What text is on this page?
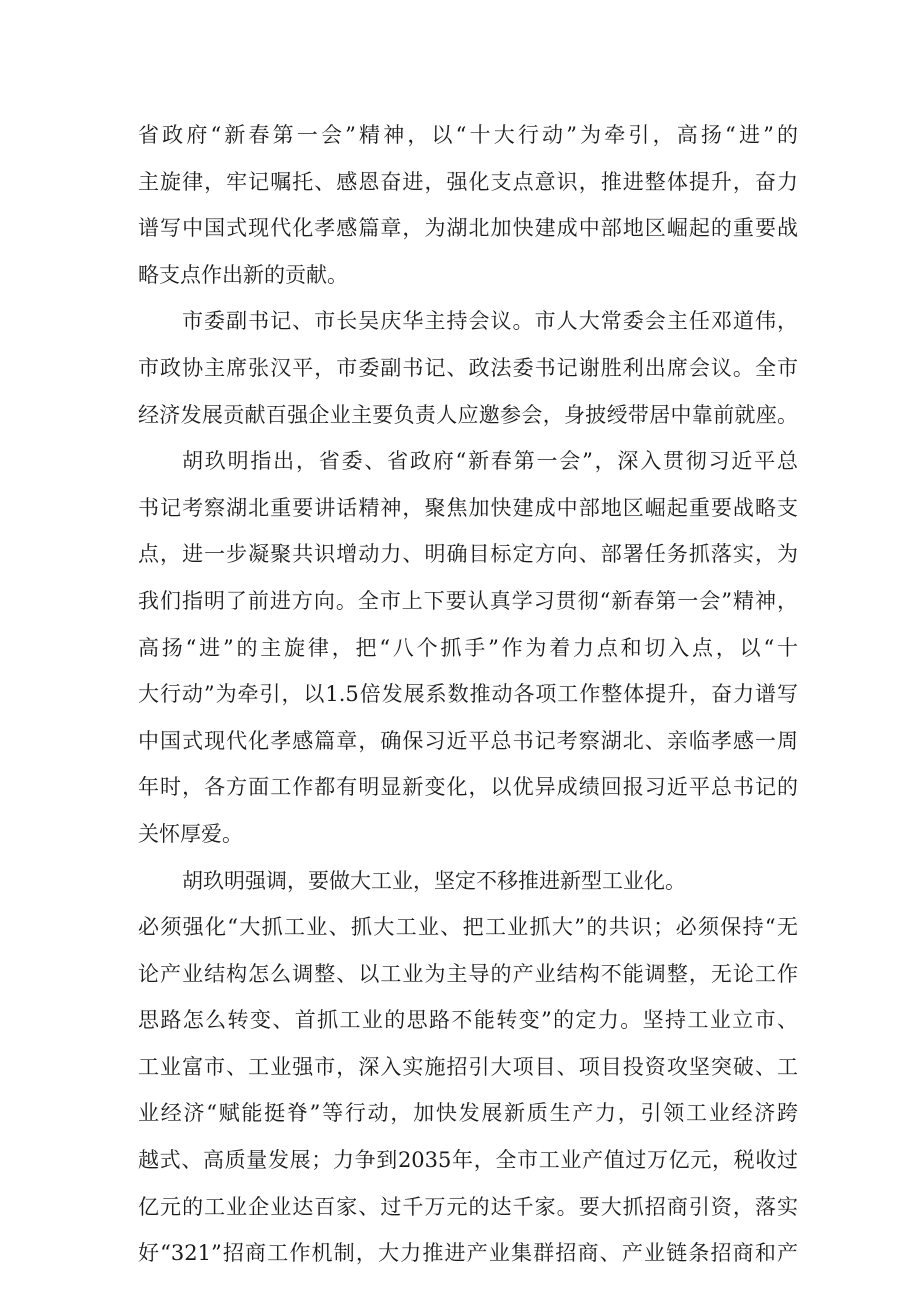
省政府“新春第一会”精神，以“十大行动”为牵引，高扬“进”的
主旋律，牢记嘱托、感恩奋进，强化支点意识，推进整体提升，奋力
谱写中国式现代化孝感篇章，为湖北加快建成中部地区崛起的重要战
略支点作出新的贡献。
市委副书记、市长吴庆华主持会议。市人大常委会主任邓道伟，
市政协主席张汉平，市委副书记、政法委书记谢胜利出席会议。全市
经济发展贡献百强企业主要负责人应邀参会，身披绶带居中靠前就座。
胡玖明指出，省委、省政府“新春第一会”，深入贯彻习近平总
书记考察湖北重要讲话精神，聚焦加快建成中部地区崛起重要战略支
点，进一步凝聚共识增动力、明确目标定方向、部署任务抓落实，为
我们指明了前进方向。全市上下要认真学习贯彻“新春第一会”精神，
高扬“进”的主旋律，把“八个抓手”作为着力点和切入点，以“十
大行动”为牵引，以1.5倍发展系数推动各项工作整体提升，奋力谱写
中国式现代化孝感篇章，确保习近平总书记考察湖北、亲临孝感一周
年时，各方面工作都有明显新变化，以优异成绩回报习近平总书记的
关怀厚爱。
胡玖明强调，要做大工业，坚定不移推进新型工业化。
必须强化“大抓工业、抓大工业、把工业抓大”的共识；必须保持“无
论产业结构怎么调整、以工业为主导的产业结构不能调整，无论工作
思路怎么转变、首抓工业的思路不能转变”的定力。坚持工业立市、
工业富市、工业强市，深入实施招引大项目、项目投资攻坚突破、工
业经济“赋能挺脊”等行动，加快发展新质生产力，引领工业经济跨
越式、高质量发展；力争到2035年，全市工业产值过万亿元，税收过
亿元的工业企业达百家、过千万元的达千家。要大抓招商引资，落实
好“321”招商工作机制，大力推进产业集群招商、产业链条招商和产
